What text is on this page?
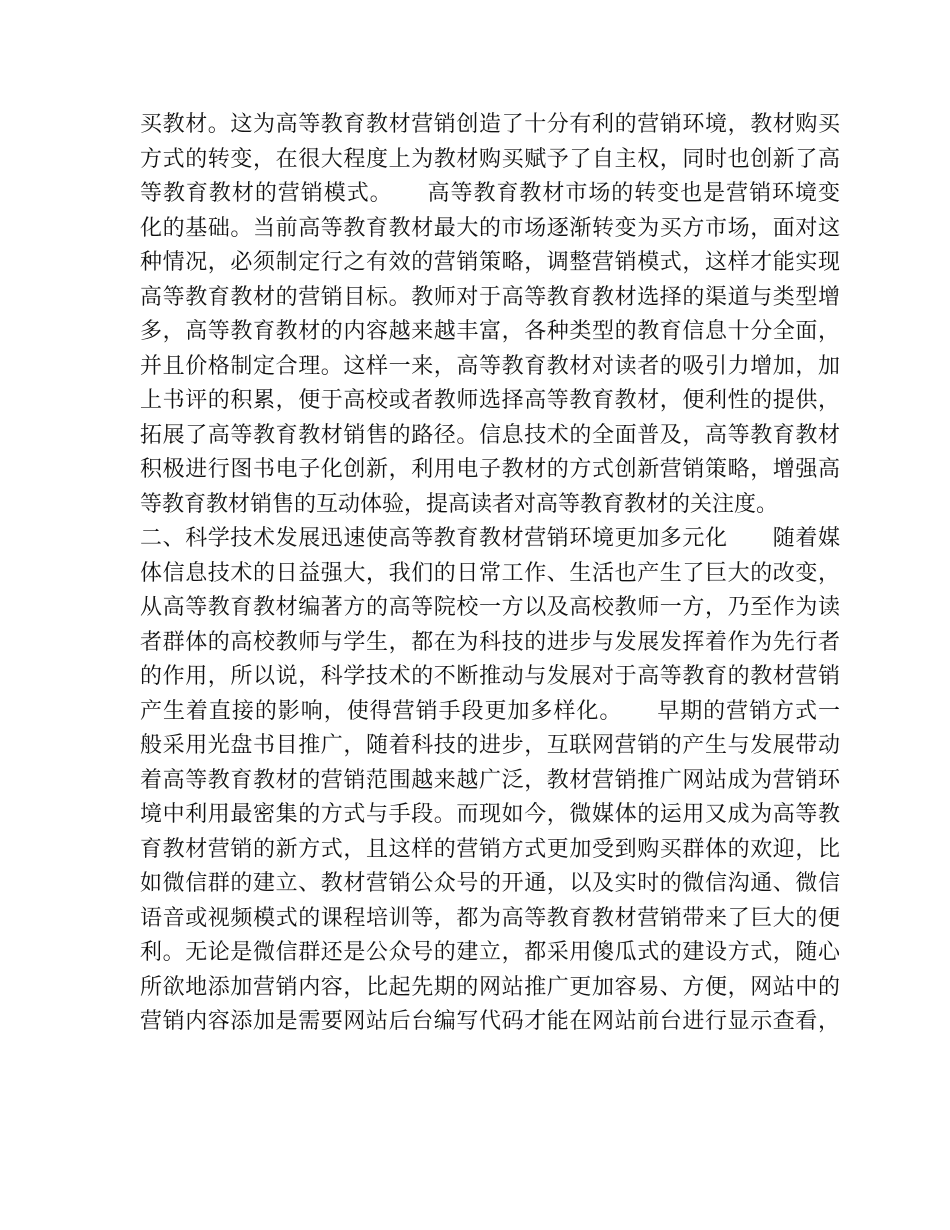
买教材。这为高等教育教材营销创造了十分有利的营销环境，教材购买
方式的转变，在很大程度上为教材购买赋予了自主权，同时也创新了高
等教育教材的营销模式。　　高等教育教材市场的转变也是营销环境变
化的基础。当前高等教育教材最大的市场逐渐转变为买方市场，面对这
种情况，必须制定行之有效的营销策略，调整营销模式，这样才能实现
高等教育教材的营销目标。教师对于高等教育教材选择的渠道与类型增
多，高等教育教材的内容越来越丰富，各种类型的教育信息十分全面，
并且价格制定合理。这样一来，高等教育教材对读者的吸引力增加，加
上书评的积累，便于高校或者教师选择高等教育教材，便利性的提供，
拓展了高等教育教材销售的路径。信息技术的全面普及，高等教育教材
积极进行图书电子化创新，利用电子教材的方式创新营销策略，增强高
等教育教材销售的互动体验，提高读者对高等教育教材的关注度。
二、科学技术发展迅速使高等教育教材营销环境更加多元化　　随着媒
体信息技术的日益强大，我们的日常工作、生活也产生了巨大的改变，
从高等教育教材编著方的高等院校一方以及高校教师一方，乃至作为读
者群体的高校教师与学生，都在为科技的进步与发展发挥着作为先行者
的作用，所以说，科学技术的不断推动与发展对于高等教育的教材营销
产生着直接的影响，使得营销手段更加多样化。　　早期的营销方式一
般采用光盘书目推广，随着科技的进步，互联网营销的产生与发展带动
着高等教育教材的营销范围越来越广泛，教材营销推广网站成为营销环
境中利用最密集的方式与手段。而现如今，微媒体的运用又成为高等教
育教材营销的新方式，且这样的营销方式更加受到购买群体的欢迎，比
如微信群的建立、教材营销公众号的开通，以及实时的微信沟通、微信
语音或视频模式的课程培训等，都为高等教育教材营销带来了巨大的便
利。无论是微信群还是公众号的建立，都采用傻瓜式的建设方式，随心
所欲地添加营销内容，比起先期的网站推广更加容易、方便，网站中的
营销内容添加是需要网站后台编写代码才能在网站前台进行显示查看，
